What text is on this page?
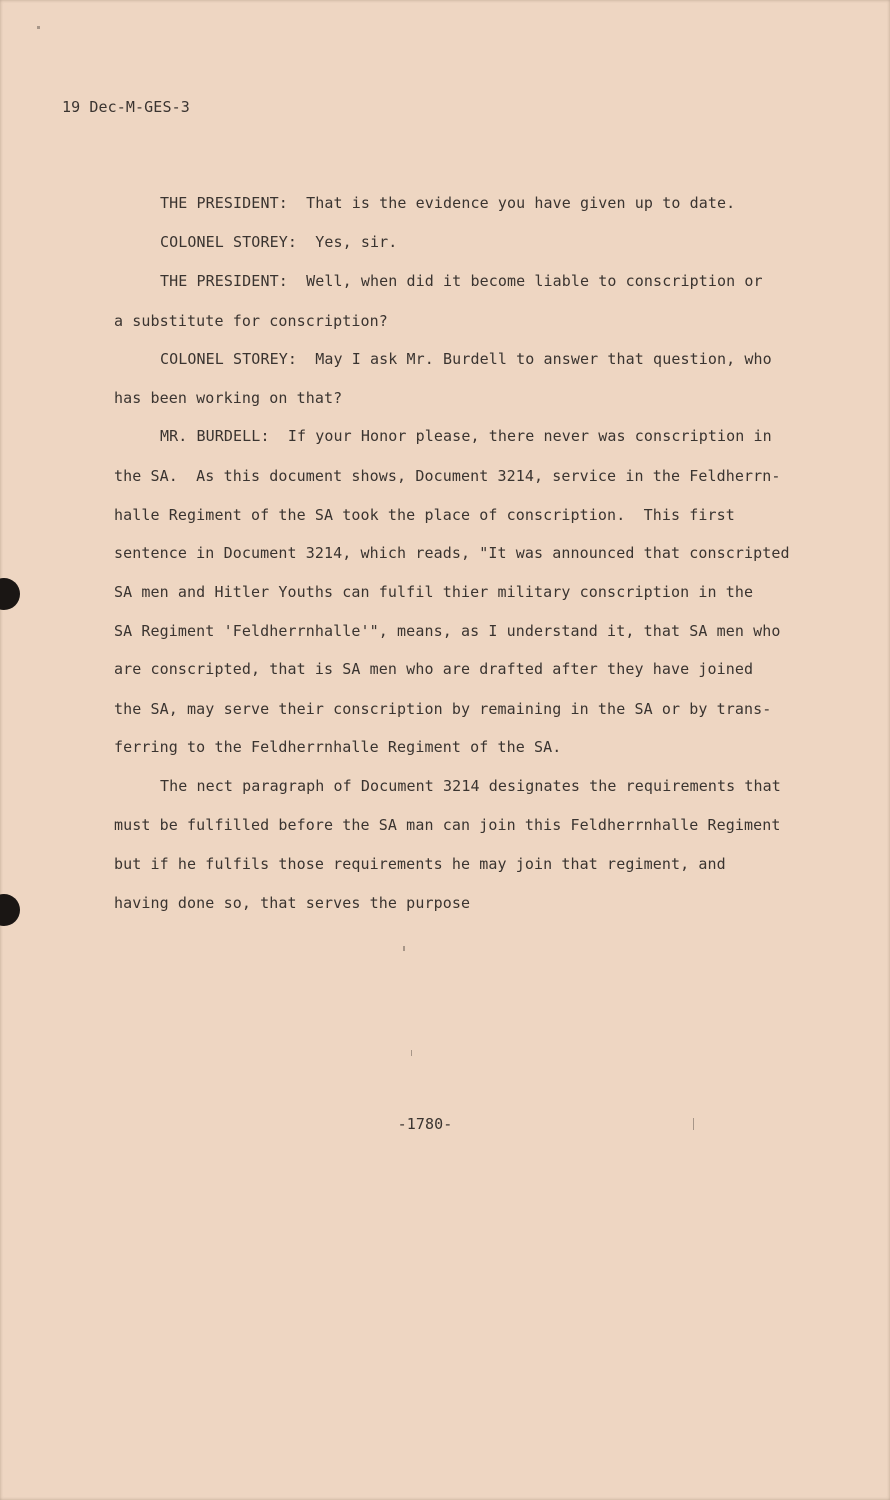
19 Dec-M-GES-3
THE PRESIDENT:  That is the evidence you have given up to date.
COLONEL STOREY:  Yes, sir.
THE PRESIDENT:  Well, when did it become liable to conscription or
a substitute for conscription?
COLONEL STOREY:  May I ask Mr. Burdell to answer that question, who
has been working on that?
MR. BURDELL:  If your Honor please, there never was conscription in
the SA.  As this document shows, Document 3214, service in the Feldherrn-
halle Regiment of the SA took the place of conscription.  This first
sentence in Document 3214, which reads, "It was announced that conscripted
SA men and Hitler Youths can fulfil thier military conscription in the
SA Regiment 'Feldherrnhalle'", means, as I understand it, that SA men who
are conscripted, that is SA men who are drafted after they have joined
the SA, may serve their conscription by remaining in the SA or by trans-
ferring to the Feldherrnhalle Regiment of the SA.
The nect paragraph of Document 3214 designates the requirements that
must be fulfilled before the SA man can join this Feldherrnhalle Regiment
but if he fulfils those requirements he may join that regiment, and
having done so, that serves the purpose
-1780-
